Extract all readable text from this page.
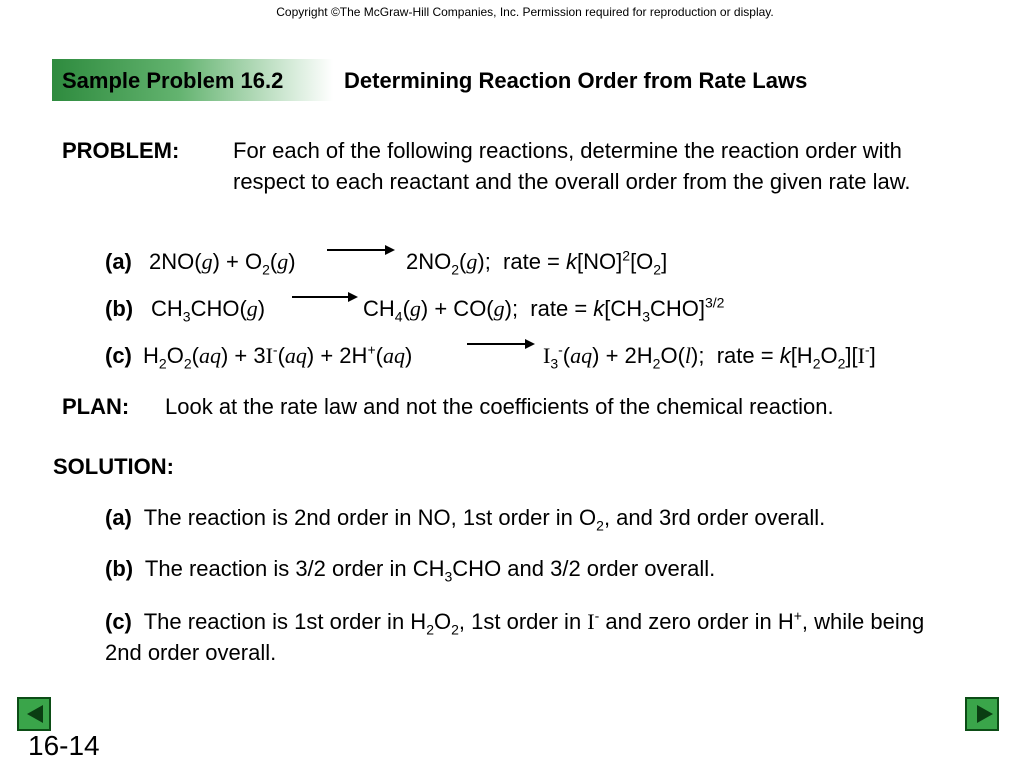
Copyright ©The McGraw-Hill Companies, Inc. Permission required for reproduction or display.
Sample Problem 16.2	Determining Reaction Order from Rate Laws
PROBLEM: For each of the following reactions, determine the reaction order with respect to each reactant and the overall order from the given rate law.
(a) $2NO(g) + O_2(g) \to 2NO_2(g)$;  rate = $k[NO]^2[O_2]$
(b) $CH_3CHO(g) \to CH_4(g) + CO(g)$;  rate = $k[CH_3CHO]^{3/2}$
(c) $H_2O_2(aq) + 3I^-(aq) + 2H^+(aq) \to I_3^-(aq) + 2H_2O(l)$;  rate = $k[H_2O_2][I^-]$
PLAN: Look at the rate law and not the coefficients of the chemical reaction.
SOLUTION:
(a)  The reaction is 2nd order in NO, 1st order in $O_2$, and 3rd order overall.
(b)  The reaction is 3/2 order in $CH_3CHO$ and 3/2 order overall.
(c)  The reaction is 1st order in $H_2O_2$, 1st order in I- and zero order in H+, while being 2nd order overall.
16-14
